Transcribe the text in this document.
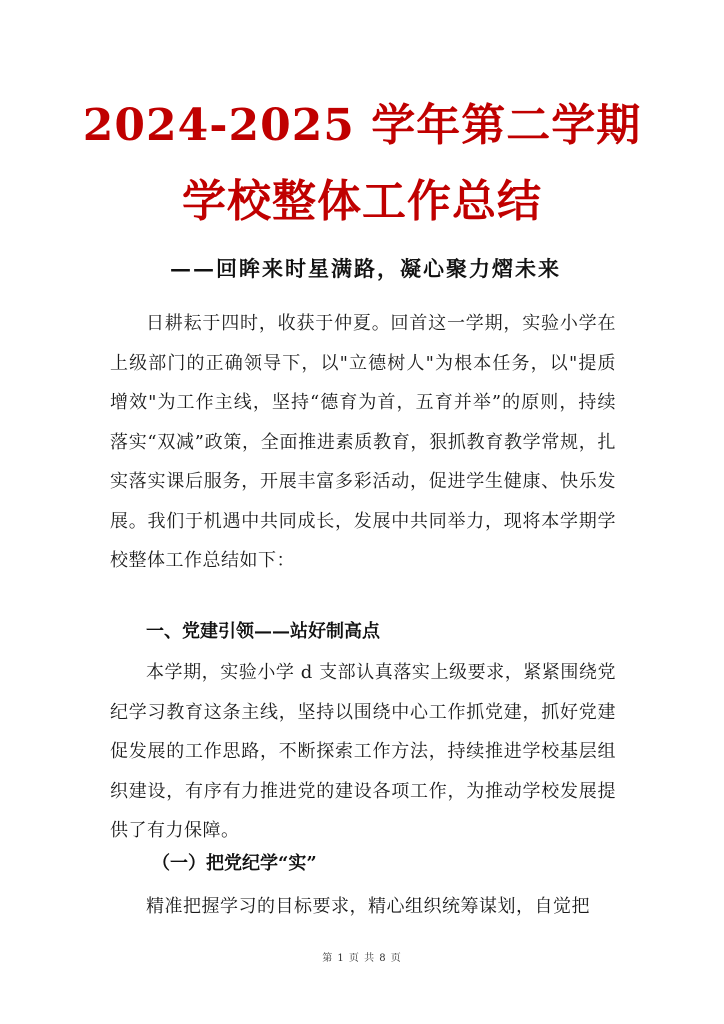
2024-2025 学年第二学期
学校整体工作总结
——回眸来时星满路，凝心聚力熠未来
日耕耘于四时，收获于仲夏。回首这一学期，实验小学在上级部门的正确领导下，以"立德树人"为根本任务，以"提质增效"为工作主线，坚持“德育为首，五育并举”的原则，持续落实“双减”政策，全面推进素质教育，狠抓教育教学常规，扎实落实课后服务，开展丰富多彩活动，促进学生健康、快乐发展。我们于机遇中共同成长，发展中共同举力，现将本学期学校整体工作总结如下：
一、党建引领——站好制高点
本学期，实验小学 d 支部认真落实上级要求，紧紧围绕党纪学习教育这条主线，坚持以围绕中心工作抓党建，抓好党建促发展的工作思路，不断探索工作方法，持续推进学校基层组织建设，有序有力推进党的建设各项工作，为推动学校发展提供了有力保障。
（一）把党纪学“实”
精准把握学习的目标要求，精心组织统筹谋划，自觉把
第 1 页 共 8 页
